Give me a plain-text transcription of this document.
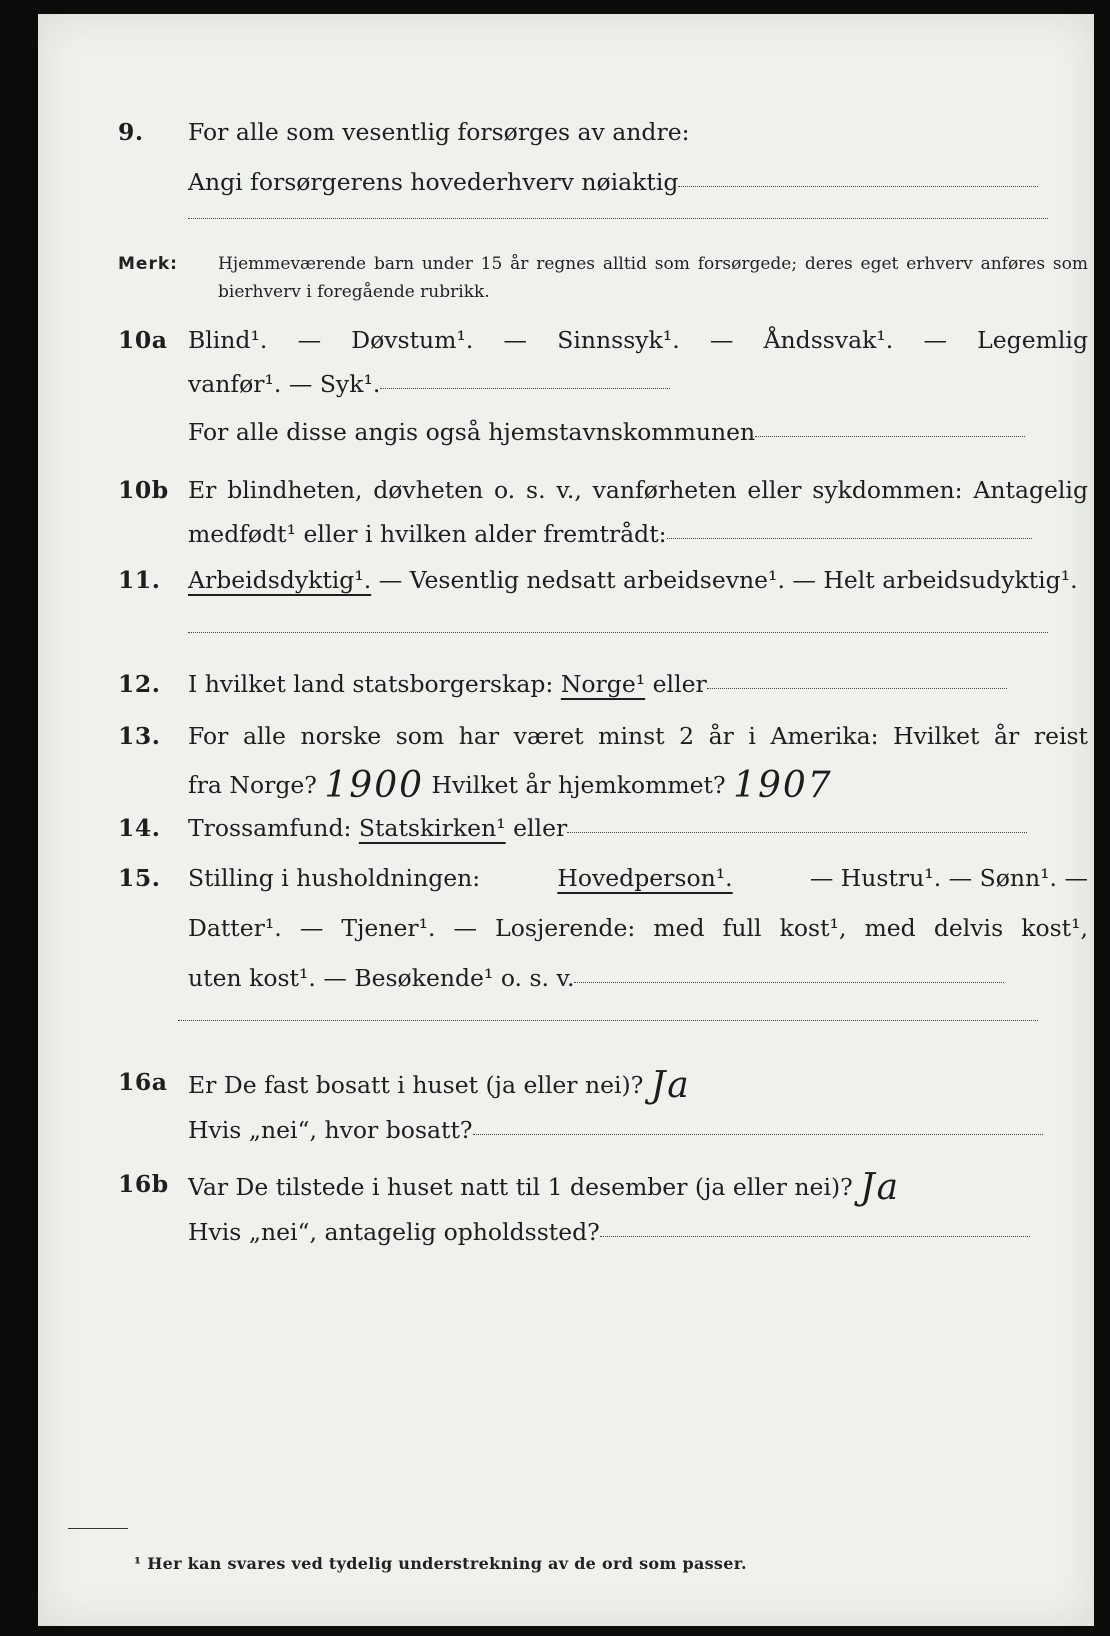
9. For alle som vesentlig forsørges av andre:
Angi forsørgerens hovederhverv nøiaktig
Merk: Hjemmeværende barn under 15 år regnes alltid som forsørgede; deres eget erhverv anføres som bierhverv i foregående rubrikk.
10a Blind¹. — Døvstum¹. — Sinnssyk¹. — Åndssvak¹. — Legemlig
vanfør¹. — Syk¹.
For alle disse angis også hjemstavnskommunen
10b Er blindheten, døvheten o. s. v., vanførheten eller sykdommen: Antagelig
medfødt¹ eller i hvilken alder fremtrådt:
11. Arbeidsdyktig¹. — Vesentlig nedsatt arbeidsevne¹. — Helt arbeidsudyktig¹.
12. I hvilket land statsborgerskap: Norge¹ eller
13. For alle norske som har været minst 2 år i Amerika: Hvilket år reist
fra Norge? 1900 Hvilket år hjemkommet? 1907
14. Trossamfund: Statskirken¹ eller
15. Stilling i husholdningen:	Hovedperson¹.	— Hustru¹. — Sønn¹. —
Datter¹. — Tjener¹. — Losjerende: med full kost¹, med delvis kost¹,
uten kost¹. — Besøkende¹ o. s. v.
16a Er De fast bosatt i huset (ja eller nei)? Ja
Hvis „nei“, hvor bosatt?
16b Var De tilstede i huset natt til 1 desember (ja eller nei)? Ja
Hvis „nei“, antagelig opholdssted?
¹ Her kan svares ved tydelig understrekning av de ord som passer.
